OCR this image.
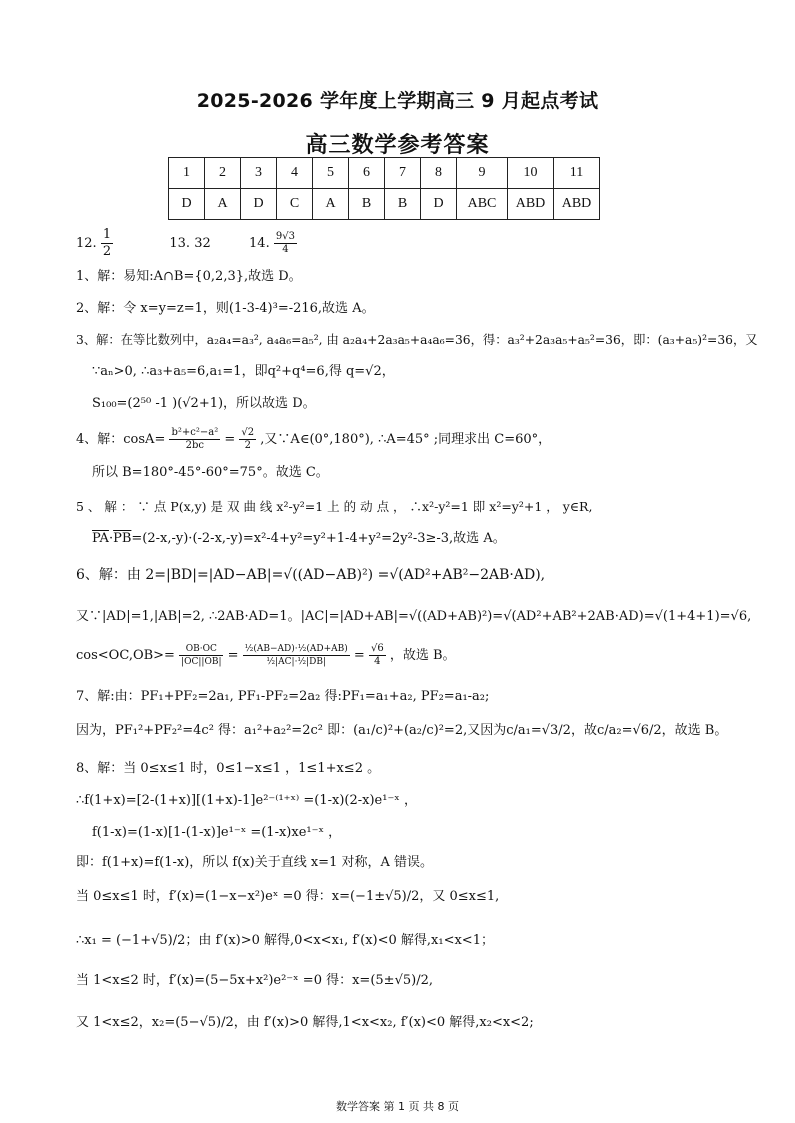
2025-2026 学年度上学期高三 9 月起点考试
高三数学参考答案
1	2	3	4	5	6	7	8	9	10	11
D	A	D	C	A	B	B	D	ABC	ABD	ABD
12. $\frac{1}{2}$	13. 32	14. $\frac{9√3}{4}$
1、解：易知:A∩B={0,2,3},故选 D。
2、解：令 x=y=z=1，则(1-3-4)³=-216,故选 A。
3、解：在等比数列中，a₂a₄=a₃², a₄a₆=a₅², 由 a₂a₄+2a₃a₅+a₄a₆=36，得：a₃²+2a₃a₅+a₅²=36，即：(a₃+a₅)²=36，又
∵aₙ>0, ∴a₃+a₅=6,a₁=1，即q²+q⁴=6,得 q=√2，
S₁₀₀=(2⁵⁰ -1 )(√2+1)，所以故选 D。
4、解：$\cos A= \frac{\text{b²+c²−a²}}{2bc} = \frac{√2}{2}$ ,又∵A∈(0°,180°), ∴A=45° ;同理求出 C=60°，
所以 B=180°-45°-60°=75°。故选 C。
5 、 解 ： ∵ 点 P(x,y) 是 双 曲 线 x²-y²=1 上 的 动 点 ， ∴x²-y²=1 即 x²=y²+1 ， y∈R,
$\overline{PA}\cdot\overline{PB}=(2-x,-y)\cdot(-2-x,-y)=x^2-4+y^2=y^2+1-4+y^2=2y^2-3\ge-3$,故选 A。
6、解：由 2=|BD|=|AD−AB|=√((AD−AB)²) =√(AD²+AB²−2AB·AD),
又∵|AD|=1,|AB|=2, ∴2AB·AD=1。|AC|=|AD+AB|=√((AD+AB)²)=√(AD²+AB²+2AB·AD)=√(1+4+1)=√6,
$\cos<OC,OB>= \frac{OB\cdot OC}{|OC||OB|} = \frac{\text{½(AB−AD)·½(AD+AB)}}{\text{½|AC|·½|DB|}} = \frac{√6}{4}$ ，故选 B。
7、解:由：PF₁+PF₂=2a₁, PF₁-PF₂=2a₂ 得:PF₁=a₁+a₂, PF₂=a₁-a₂;
因为，PF₁²+PF₂²=4c² 得：a₁²+a₂²=2c² 即：(a₁/c)²+(a₂/c)²=2,又因为c/a₁=√3/2，故c/a₂=√6/2，故选 B。
8、解：当 0≤x≤1 时，0≤1−x≤1 ，1≤1+x≤2 。
∴f(1+x)=[2-(1+x)][(1+x)-1]e²⁻⁽¹⁺ˣ⁾ =(1-x)(2-x)e¹⁻ˣ ，
f(1-x)=(1-x)[1-(1-x)]e¹⁻ˣ =(1-x)xe¹⁻ˣ ，
即：f(1+x)=f(1-x)，所以 f(x)关于直线 x=1 对称，A 错误。
当 0≤x≤1 时，f′(x)=(1−x−x²)eˣ =0 得：x=(−1±√5)/2，又 0≤x≤1,
∴x₁ = (−1+√5)/2；由 f′(x)>0 解得,0<x<x₁, f′(x)<0 解得,x₁<x<1；
当 1<x≤2 时，f′(x)=(5−5x+x²)e²⁻ˣ =0 得：x=(5±√5)/2,
又 1<x≤2，x₂=(5−√5)/2，由 f′(x)>0 解得,1<x<x₂, f′(x)<0 解得,x₂<x<2;
数学答案 第 1 页 共 8 页
